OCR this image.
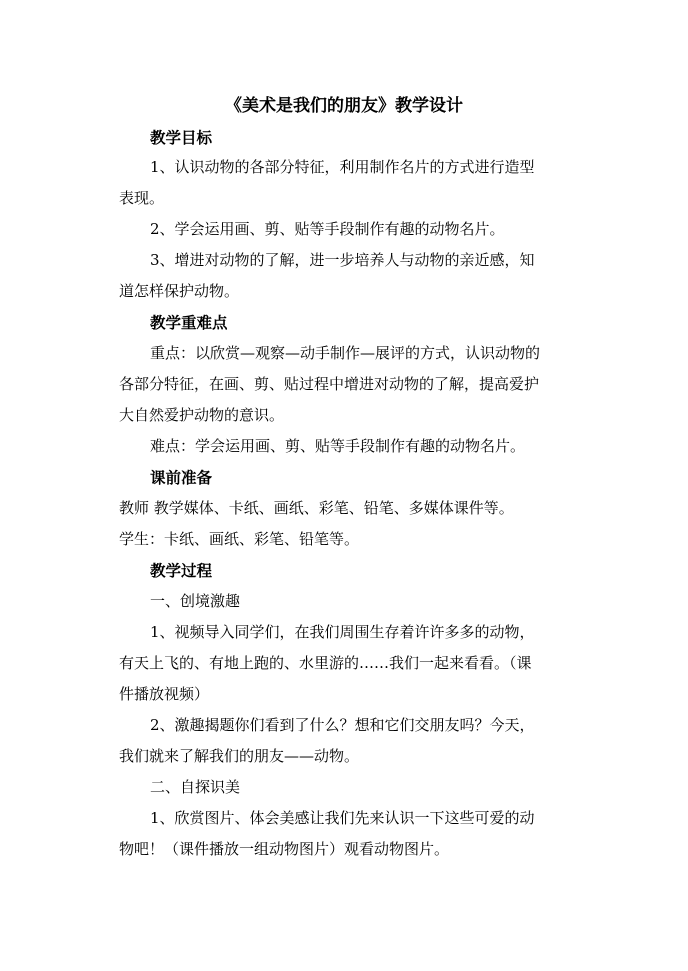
《美术是我们的朋友》教学设计
教学目标
1、认识动物的各部分特征，利用制作名片的方式进行造型
表现。
2、学会运用画、剪、贴等手段制作有趣的动物名片。
3、增进对动物的了解，进一步培养人与动物的亲近感，知
道怎样保护动物。
教学重难点
重点：以欣赏—观察—动手制作—展评的方式，认识动物的
各部分特征，在画、剪、贴过程中增进对动物的了解，提高爱护
大自然爱护动物的意识。
难点：学会运用画、剪、贴等手段制作有趣的动物名片。
课前准备
教师 教学媒体、卡纸、画纸、彩笔、铅笔、多媒体课件等。
学生：卡纸、画纸、彩笔、铅笔等。
教学过程
一、创境激趣
1、视频导入同学们，在我们周围生存着许许多多的动物，
有天上飞的、有地上跑的、水里游的……我们一起来看看。（课
件播放视频）
2、激趣揭题你们看到了什么？想和它们交朋友吗？今天，
我们就来了解我们的朋友——动物。
二、自探识美
1、欣赏图片、体会美感让我们先来认识一下这些可爱的动
物吧！（课件播放一组动物图片）观看动物图片。
